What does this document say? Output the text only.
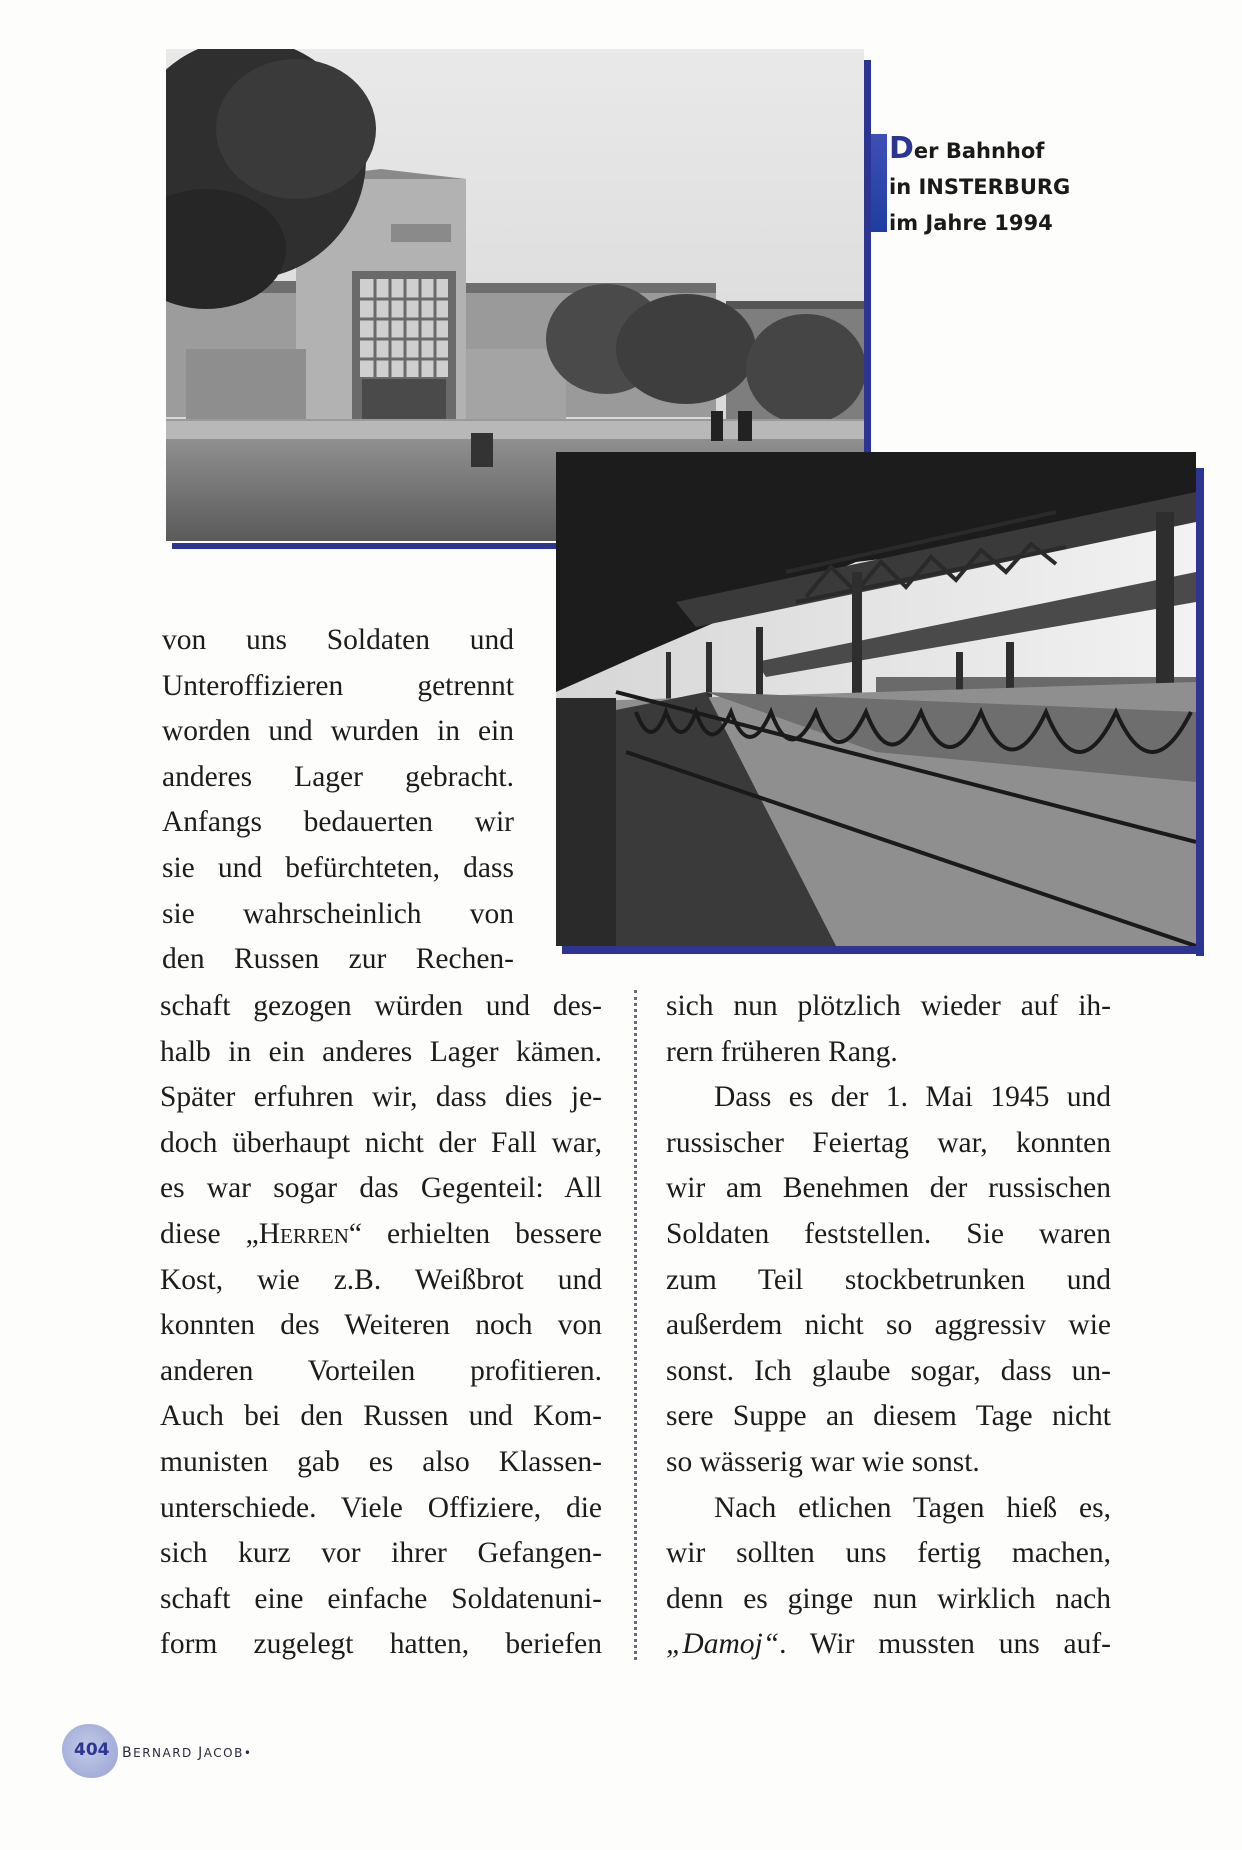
Der Bahnhof
in INSTERBURG
im Jahre 1994
von uns Soldaten und
Unteroffizieren getrennt
worden und wurden in ein
anderes Lager gebracht.
Anfangs bedauerten wir
sie und befürchteten, dass
sie wahrscheinlich von
den Russen zur Rechen-
schaft gezogen würden und des-
halb in ein anderes Lager kämen.
Später erfuhren wir, dass dies je-
doch überhaupt nicht der Fall war,
es war sogar das Gegenteil: All
diese „Herren“ erhielten bessere
Kost, wie z.B. Weißbrot und
konnten des Weiteren noch von
anderen Vorteilen profitieren.
Auch bei den Russen und Kom-
munisten gab es also Klassen-
unterschiede. Viele Offiziere, die
sich kurz vor ihrer Gefangen-
schaft eine einfache Soldatenuni-
form zugelegt hatten, beriefen
sich nun plötzlich wieder auf ih-
rern früheren Rang.
Dass es der 1. Mai 1945 und
russischer Feiertag war, konnten
wir am Benehmen der russischen
Soldaten feststellen. Sie waren
zum Teil stockbetrunken und
außerdem nicht so aggressiv wie
sonst. Ich glaube sogar, dass un-
sere Suppe an diesem Tage nicht
so wässerig war wie sonst.
Nach etlichen Tagen hieß es,
wir sollten uns fertig machen,
denn es ginge nun wirklich nach
„Damoj“. Wir mussten uns auf-
404 BERNARD JACOB•
